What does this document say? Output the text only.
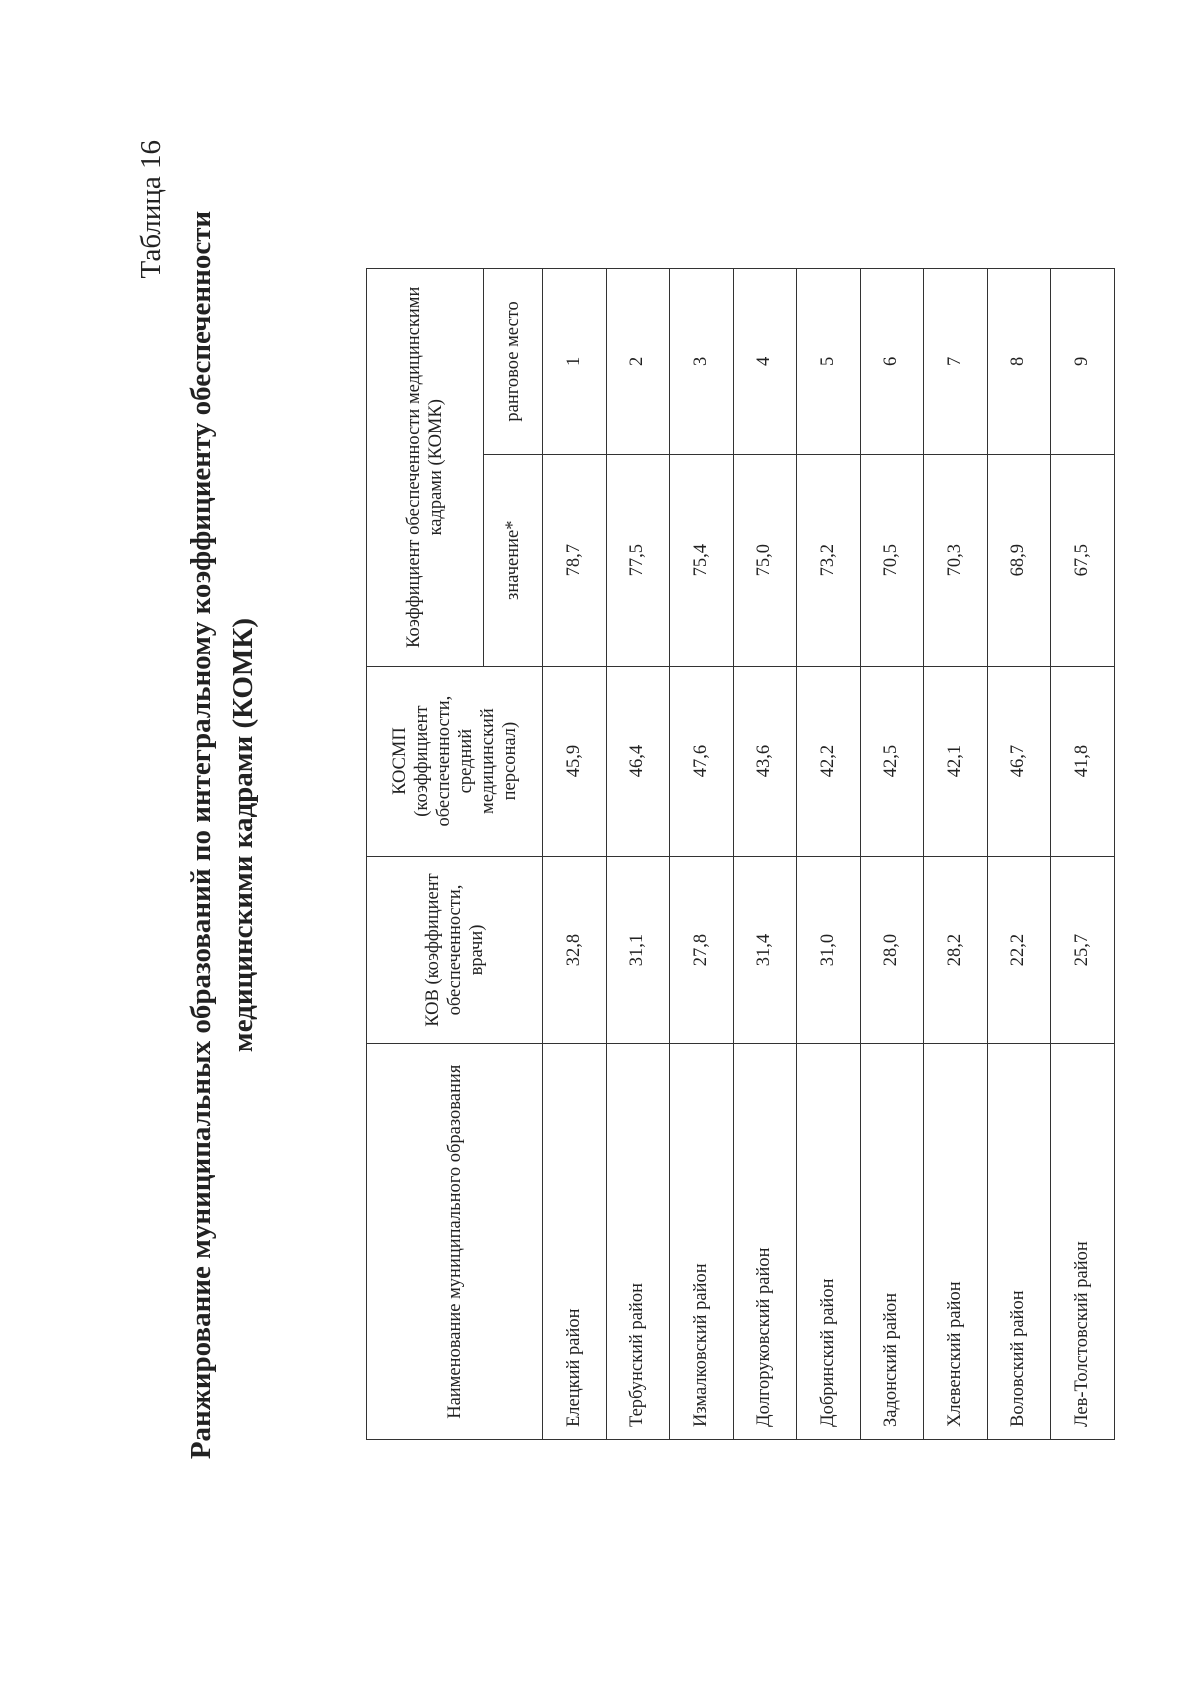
Таблица 16

Ранжирование муниципальных образований по интегральному коэффициенту обеспеченности медицинскими кадрами (КОМК)
Наименование муниципального образования	КОВ (коэффициент обеспеченности, врачи)	КОСМП (коэффициент обеспеченности, средний медицинский персонал)	Коэффициент обеспеченности медицинскими кадрами (КОМК)	
			значение*	ранговое место
Елецкий район	32,8	45,9	78,7	1
Тербунский район	31,1	46,4	77,5	2
Измалковский район	27,8	47,6	75,4	3
Долгоруковский район	31,4	43,6	75,0	4
Добринский район	31,0	42,2	73,2	5
Задонский район	28,0	42,5	70,5	6
Хлевенский район	28,2	42,1	70,3	7
Воловский район	22,2	46,7	68,9	8
Лев-Толстовский район	25,7	41,8	67,5	9
